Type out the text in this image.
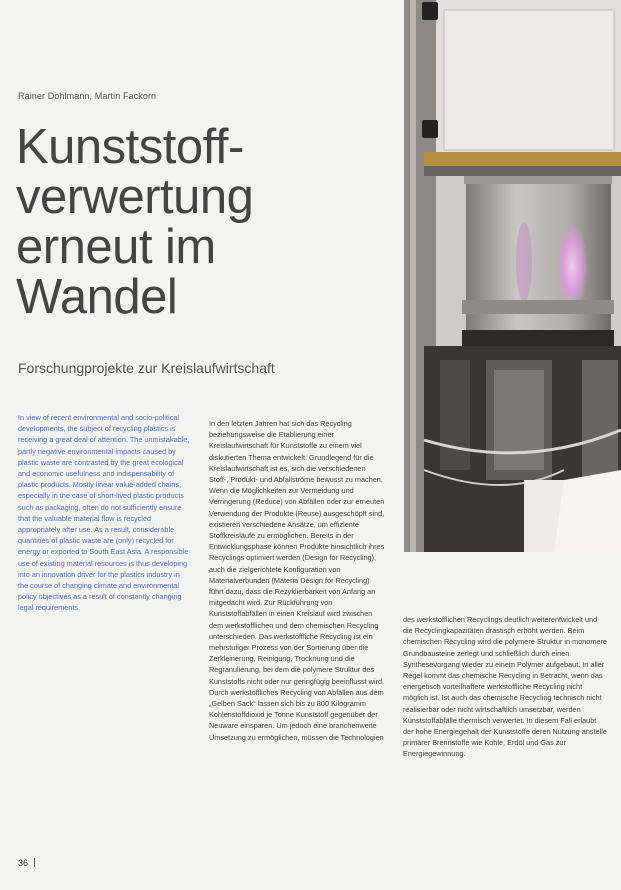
Rainer Dohlmann, Martin Fackorn
Kunststoff-
verwertung
erneut im
Wandel
Forschungprojekte zur Kreislaufwirtschaft

In view of recent environmental and socio-political developments, the subject of recycling plastics is receiving a great deal of attention. The unmistakable, partly negative environmental impacts caused by plastic waste are contrasted by the great ecological and economic usefulness and indispensability of plastic products. Mostly linear value-added chains, especially in the case of short-lived plastic products such as packaging, often do not sufficiently ensure that the valuable material flow is recycled appropriately after use. As a result, considerable quantities of plastic waste are (only) recycled for energy or exported to South East Asia. A responsible use of existing material resources is thus developing into an innovation driver for the plastics industry in the course of changing climate and environmental policy objectives as a result of constantly changing legal requirements.

In den letzten Jahren hat sich das Recycling beziehungsweise die Etablierung einer Kreislaufwirtschaft für Kunststoffe zu einem viel diskutierten Thema entwickelt. Grundlegend für die Kreislaufwirtschaft ist es, sich die verschiedenen Stoff-, Produkt- und Abfallströme bewusst zu machen. Wenn die Möglichkeiten zur Vermeidung und Verringerung (Reduce) von Abfällen oder zur erneuten Verwendung der Produkte (Reuse) ausgeschöpft sind, existieren verschiedene Ansätze, um effiziente Stoffkreisläufe zu ermöglichen. Bereits in der Entwicklungsphase können Produkte hinsichtlich ihres Recyclings optimiert werden (Design for Recycling), auch die zielgerichtete Konfiguration von Materialverbunden (Materia Design for Recycling) führt dazu, dass die Rezyklierbarkeit von Anfang an mitgedacht wird. Zur Rückführung von Kunststoffabfällen in einen Kreislauf wird zwischen dem werkstofflichen und dem chemischen Recycling unterschieden. Das werkstoffliche Recycling ist ein mehrstufiger Prozess von der Sortierung über die Zerkleinerung, Reinigung, Trocknung und die Regranulierung, bei dem die polymere Struktur des Kunststoffs nicht oder nur geringfügig beeinflusst wird. Durch werkstoffliches Recycling von Abfällen aus dem „Gelben Sack“ lassen sich bis zu 800 Kilogramm Kohlenstoffdioxid je Tonne Kunststoff gegenüber der Neuware einsparen. Um jedoch eine branchenweite Umsetzung zu ermöglichen, müssen die Technologien

des werkstofflichen Recyclings deutlich weiterentwickelt und die Recyclingkapazitäten drastisch erhöht werden. Beim chemischen Recycling wird die polymere Struktur in monomere Grundbausteine zerlegt und schließlich durch einen Synthesevorgang wieder zu einem Polymer aufgebaut. In aller Regel kommt das chemische Recycling in Betracht, wenn das energetisch vorteilhaftere werkstoffliche Recycling nicht möglich ist. Ist auch das chemische Recycling technisch nicht realisierbar oder nicht wirtschaftlich umsetzbar, werden Kunststoffabfälle thermisch verwertet. In diesem Fall erlaubt der hohe Energiegehalt der Kunststoffe deren Nutzung anstelle primärer Brennstoffe wie Kohle, Erdöl und Gas zur Energiegewinnung.

36
